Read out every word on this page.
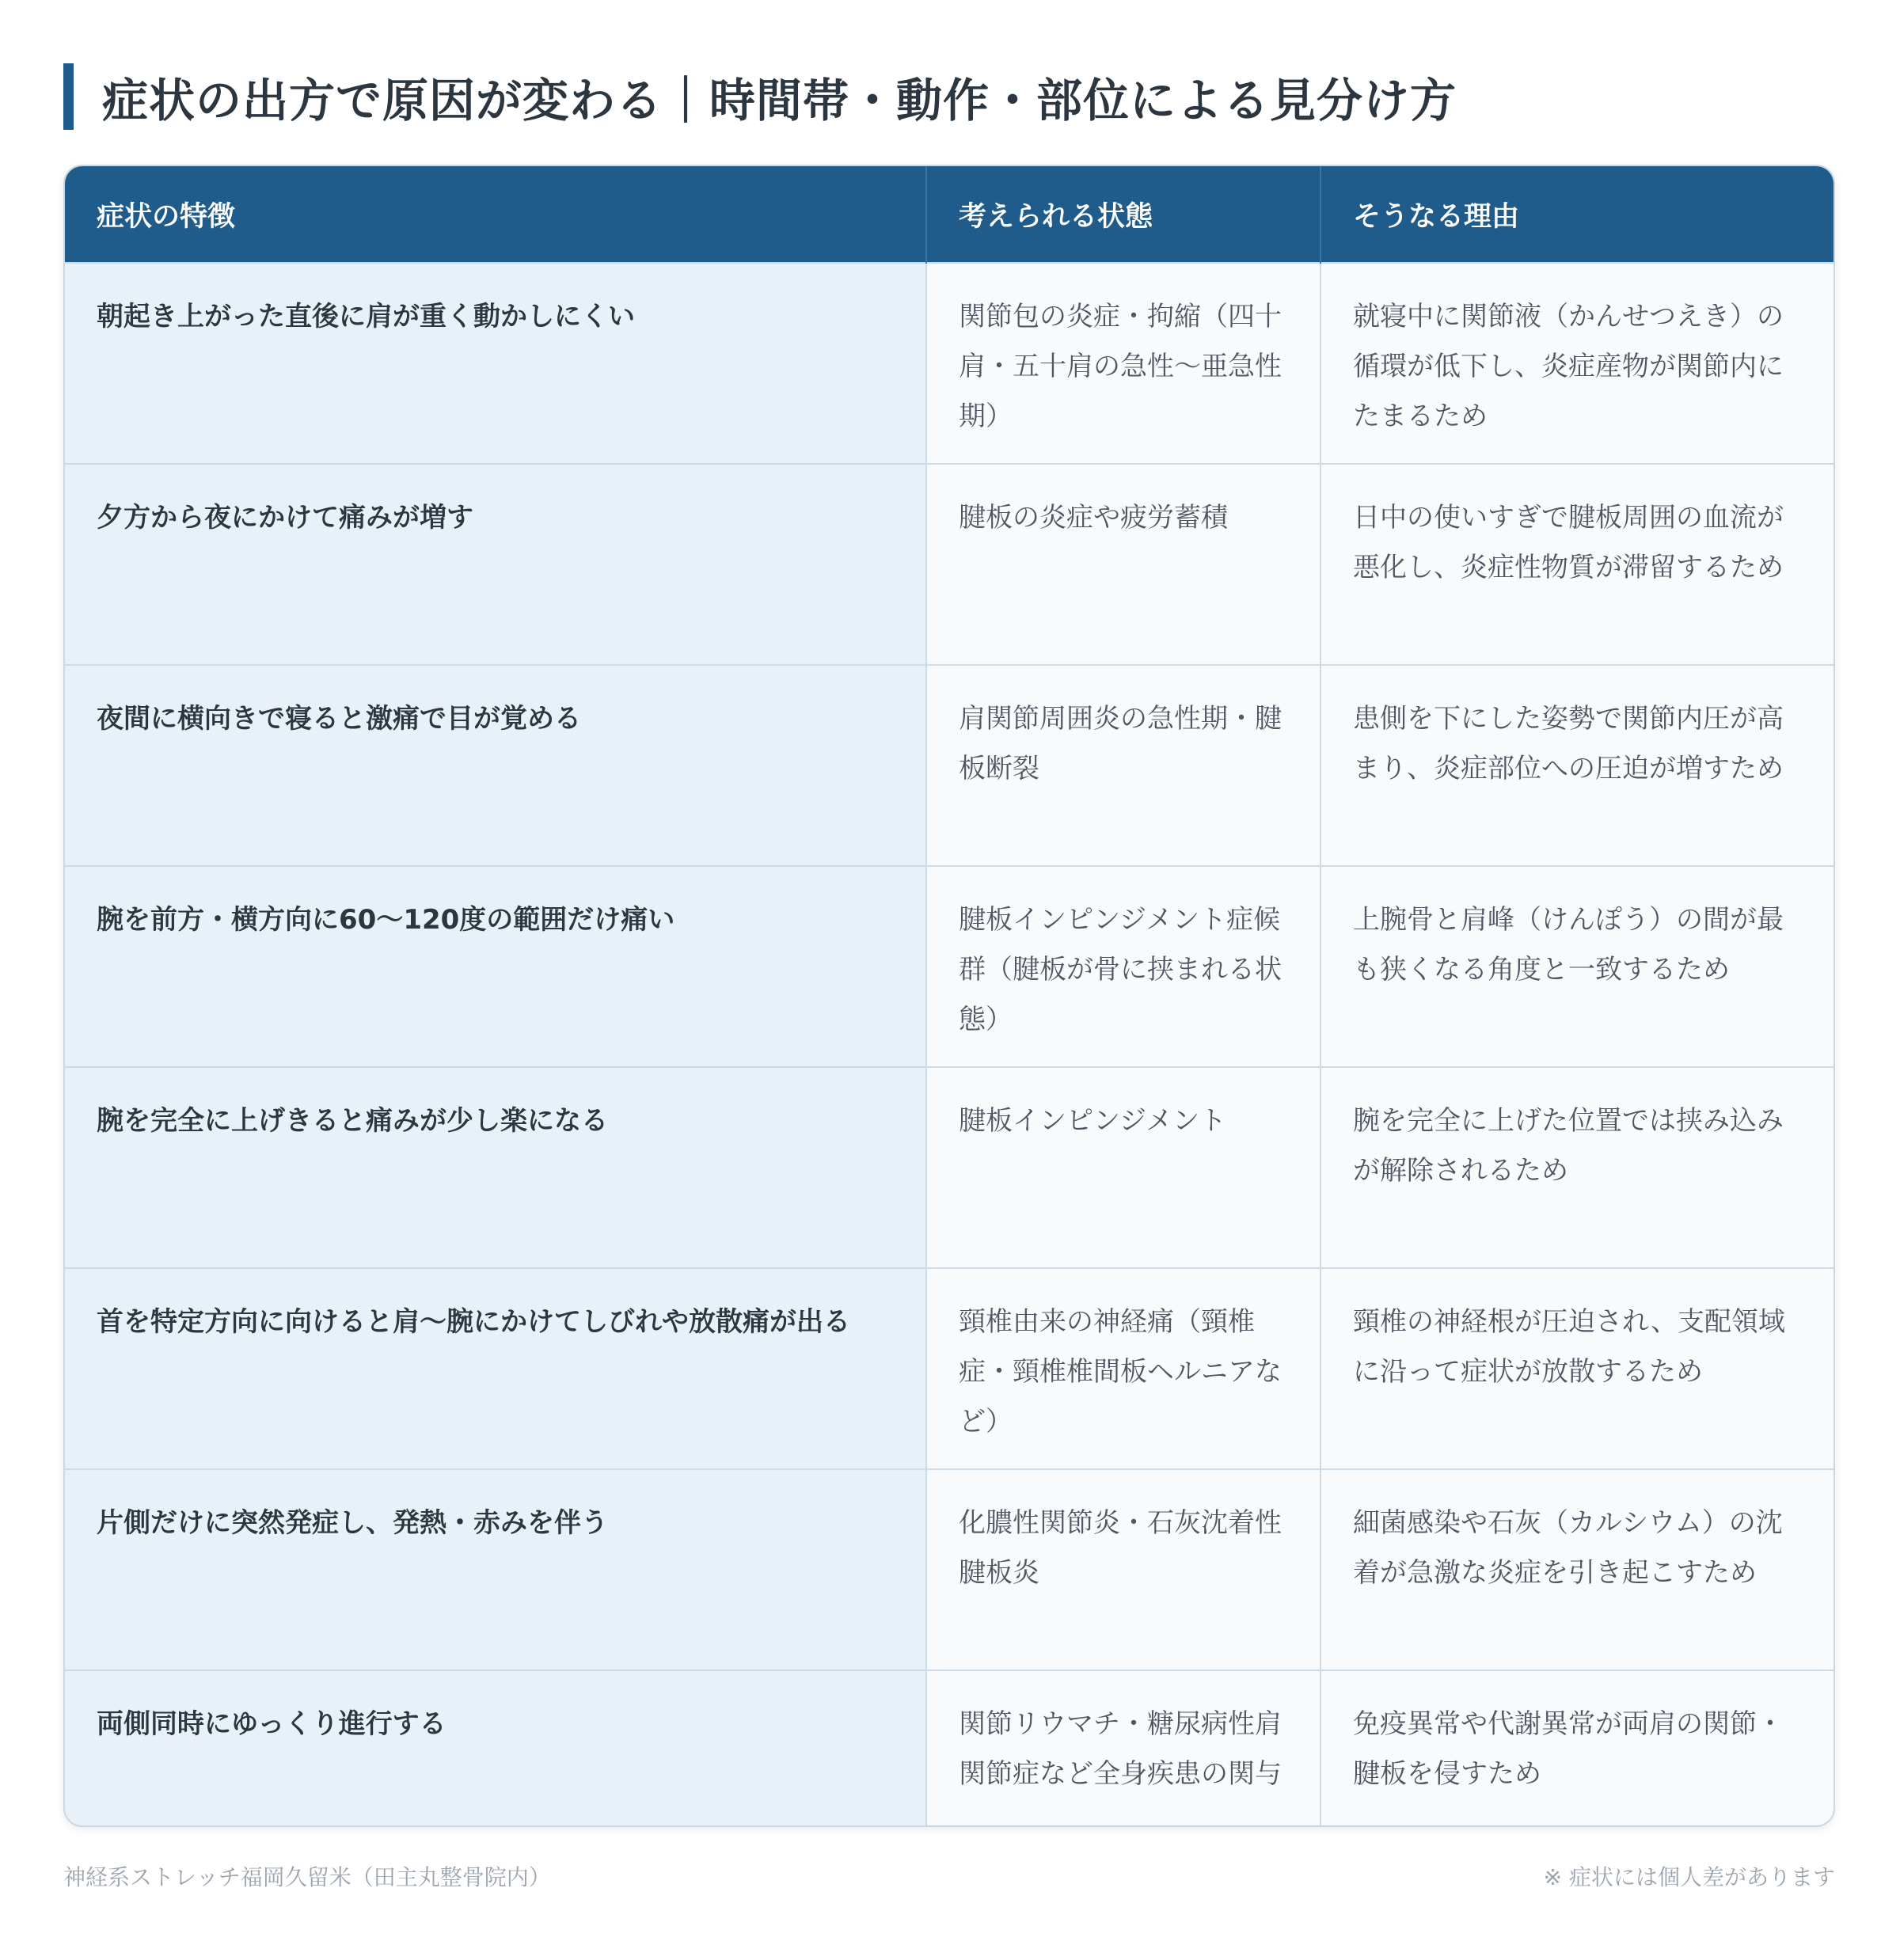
症状の出方で原因が変わる｜時間帯・動作・部位による見分け方
症状の特徴	考えられる状態	そうなる理由
朝起き上がった直後に肩が重く動かしにくい	関節包の炎症・拘縮（四十肩・五十肩の急性〜亜急性期）	就寝中に関節液（かんせつえき）の循環が低下し、炎症産物が関節内にたまるため
夕方から夜にかけて痛みが増す	腱板の炎症や疲労蓄積	日中の使いすぎで腱板周囲の血流が悪化し、炎症性物質が滞留するため
夜間に横向きで寝ると激痛で目が覚める	肩関節周囲炎の急性期・腱板断裂	患側を下にした姿勢で関節内圧が高まり、炎症部位への圧迫が増すため
腕を前方・横方向に60〜120度の範囲だけ痛い	腱板インピンジメント症候群（腱板が骨に挟まれる状態）	上腕骨と肩峰（けんぽう）の間が最も狭くなる角度と一致するため
腕を完全に上げきると痛みが少し楽になる	腱板インピンジメント	腕を完全に上げた位置では挟み込みが解除されるため
首を特定方向に向けると肩〜腕にかけてしびれや放散痛が出る	頸椎由来の神経痛（頸椎症・頸椎椎間板ヘルニアなど）	頸椎の神経根が圧迫され、支配領域に沿って症状が放散するため
片側だけに突然発症し、発熱・赤みを伴う	化膿性関節炎・石灰沈着性腱板炎	細菌感染や石灰（カルシウム）の沈着が急激な炎症を引き起こすため
両側同時にゆっくり進行する	関節リウマチ・糖尿病性肩関節症など全身疾患の関与	免疫異常や代謝異常が両肩の関節・腱板を侵すため
神経系ストレッチ福岡久留米（田主丸整骨院内）	※ 症状には個人差があります
